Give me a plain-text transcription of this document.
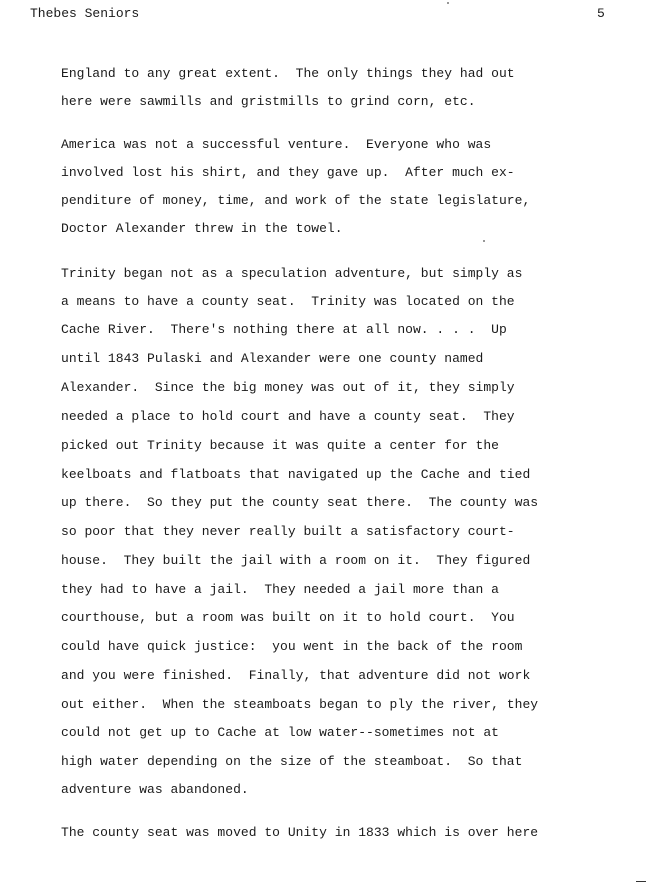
Thebes Seniors	5
England to any great extent.  The only things they had out
here were sawmills and gristmills to grind corn, etc.
America was not a successful venture.  Everyone who was
involved lost his shirt, and they gave up.  After much ex-
penditure of money, time, and work of the state legislature,
Doctor Alexander threw in the towel.
Trinity began not as a speculation adventure, but simply as
a means to have a county seat.  Trinity was located on the
Cache River.  There's nothing there at all now. . . .  Up
until 1843 Pulaski and Alexander were one county named
Alexander.  Since the big money was out of it, they simply
needed a place to hold court and have a county seat.  They
picked out Trinity because it was quite a center for the
keelboats and flatboats that navigated up the Cache and tied
up there.  So they put the county seat there.  The county was
so poor that they never really built a satisfactory court-
house.  They built the jail with a room on it.  They figured
they had to have a jail.  They needed a jail more than a
courthouse, but a room was built on it to hold court.  You
could have quick justice:  you went in the back of the room
and you were finished.  Finally, that adventure did not work
out either.  When the steamboats began to ply the river, they
could not get up to Cache at low water--sometimes not at
high water depending on the size of the steamboat.  So that
adventure was abandoned.
The county seat was moved to Unity in 1833 which is over here
